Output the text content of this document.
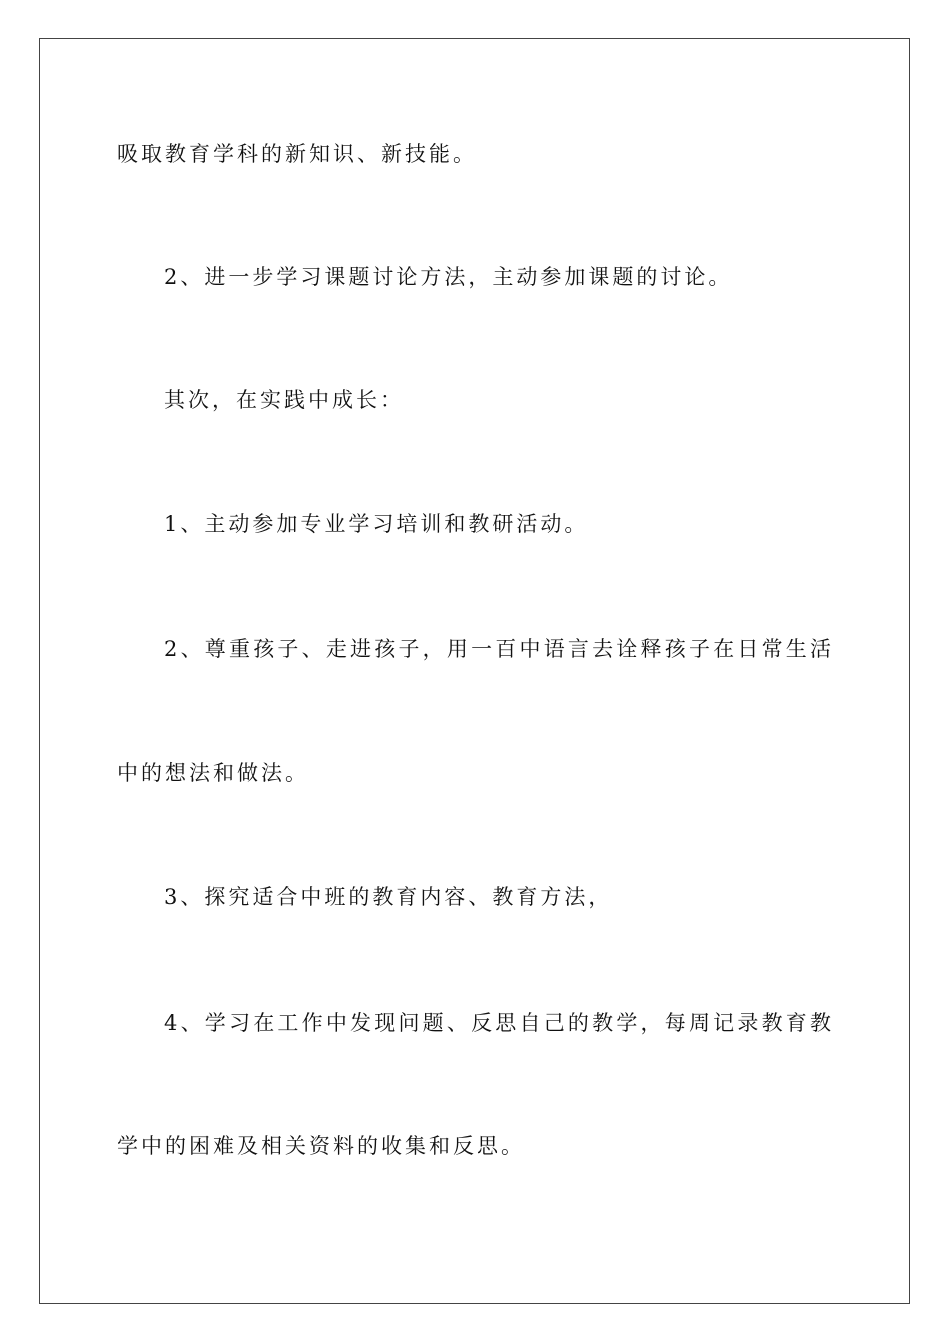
吸取教育学科的新知识、新技能。
2、进一步学习课题讨论方法，主动参加课题的讨论。
其次，在实践中成长：
1、主动参加专业学习培训和教研活动。
2、尊重孩子、走进孩子，用一百中语言去诠释孩子在日常生活
中的想法和做法。
3、探究适合中班的教育内容、教育方法，
4、学习在工作中发现问题、反思自己的教学，每周记录教育教
学中的困难及相关资料的收集和反思。
